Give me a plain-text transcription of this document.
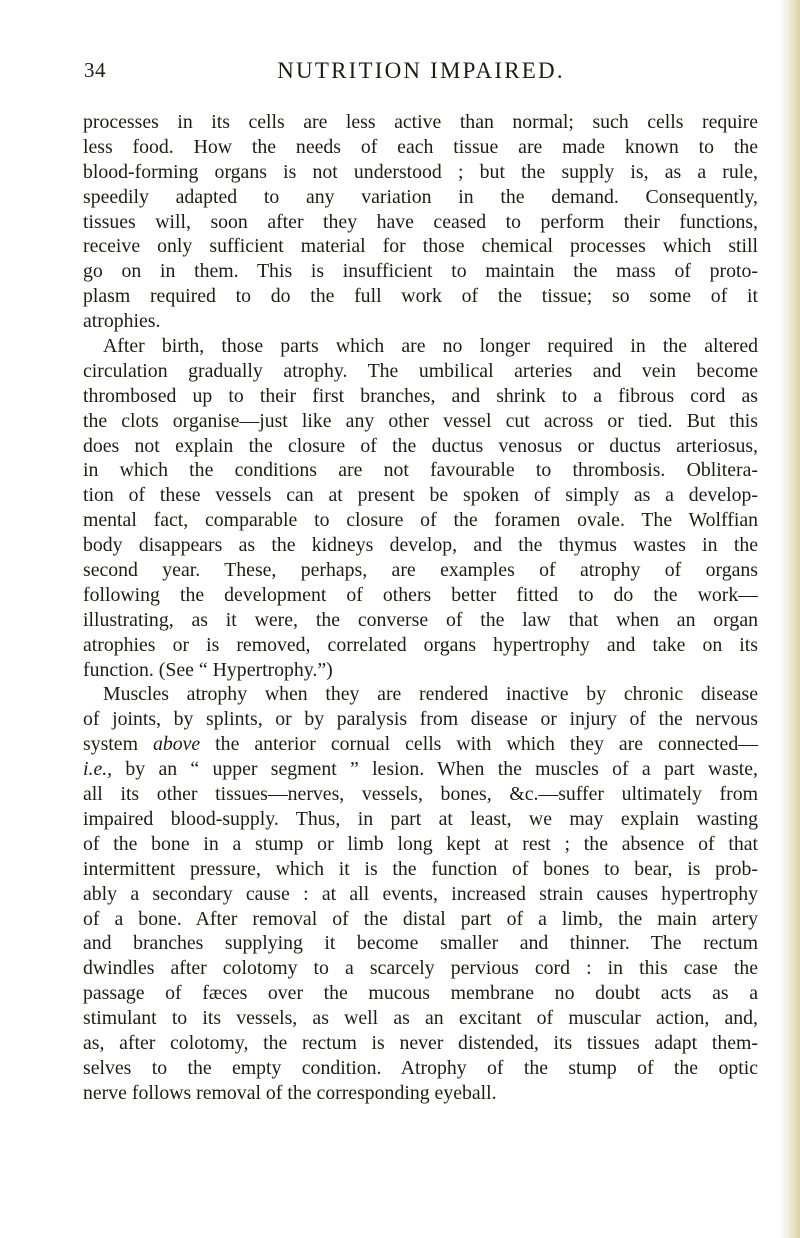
34	NUTRITION IMPAIRED.
processes in its cells are less active than normal; such cells require
less food. How the needs of each tissue are made known to the
blood-forming organs is not understood ; but the supply is, as a rule,
speedily adapted to any variation in the demand. Consequently,
tissues will, soon after they have ceased to perform their functions,
receive only sufficient material for those chemical processes which still
go on in them. This is insufficient to maintain the mass of proto-
plasm required to do the full work of the tissue; so some of it
atrophies.
After birth, those parts which are no longer required in the altered
circulation gradually atrophy. The umbilical arteries and vein become
thrombosed up to their first branches, and shrink to a fibrous cord as
the clots organise—just like any other vessel cut across or tied. But this
does not explain the closure of the ductus venosus or ductus arteriosus,
in which the conditions are not favourable to thrombosis. Oblitera-
tion of these vessels can at present be spoken of simply as a develop-
mental fact, comparable to closure of the foramen ovale. The Wolffian
body disappears as the kidneys develop, and the thymus wastes in the
second year. These, perhaps, are examples of atrophy of organs
following the development of others better fitted to do the work—
illustrating, as it were, the converse of the law that when an organ
atrophies or is removed, correlated organs hypertrophy and take on its
function. (See “ Hypertrophy.”)
Muscles atrophy when they are rendered inactive by chronic disease
of joints, by splints, or by paralysis from disease or injury of the nervous
system above the anterior cornual cells with which they are connected—
i.e., by an “ upper segment ” lesion. When the muscles of a part waste,
all its other tissues—nerves, vessels, bones, &c.—suffer ultimately from
impaired blood-supply. Thus, in part at least, we may explain wasting
of the bone in a stump or limb long kept at rest ; the absence of that
intermittent pressure, which it is the function of bones to bear, is prob-
ably a secondary cause : at all events, increased strain causes hypertrophy
of a bone. After removal of the distal part of a limb, the main artery
and branches supplying it become smaller and thinner. The rectum
dwindles after colotomy to a scarcely pervious cord : in this case the
passage of fæces over the mucous membrane no doubt acts as a
stimulant to its vessels, as well as an excitant of muscular action, and,
as, after colotomy, the rectum is never distended, its tissues adapt them-
selves to the empty condition. Atrophy of the stump of the optic
nerve follows removal of the corresponding eyeball.
